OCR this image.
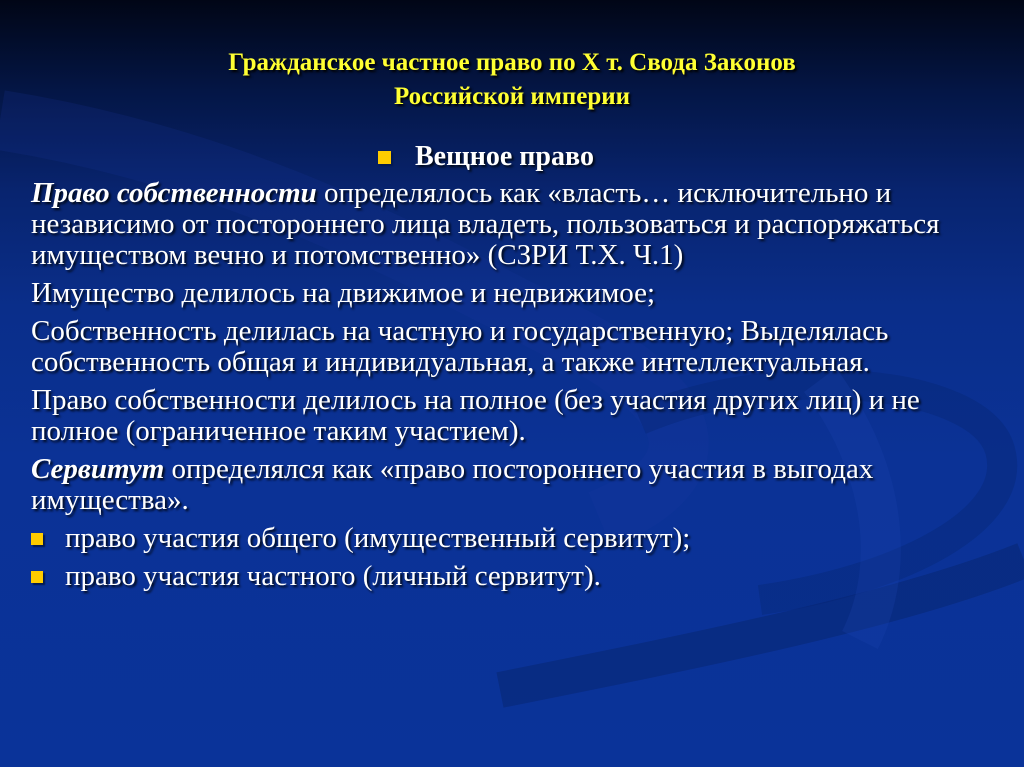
Гражданское частное право по X т. Свода Законов
Российской империи
Вещное право

Право собственности определялось как «власть… исключительно и независимо от постороннего лица владеть, пользоваться и распоряжаться имуществом вечно и потомственно» (СЗРИ Т.Х. Ч.1)

Имущество делилось на движимое и недвижимое;

Собственность делилась на частную и государственную; Выделялась собственность общая и индивидуальная, а также интеллектуальная.

Право собственности делилось на полное (без участия других лиц) и не полное (ограниченное таким участием).

Сервитут определялся как «право постороннего участия в выгодах имущества».

право участия общего (имущественный сервитут);
право участия частного (личный сервитут).
